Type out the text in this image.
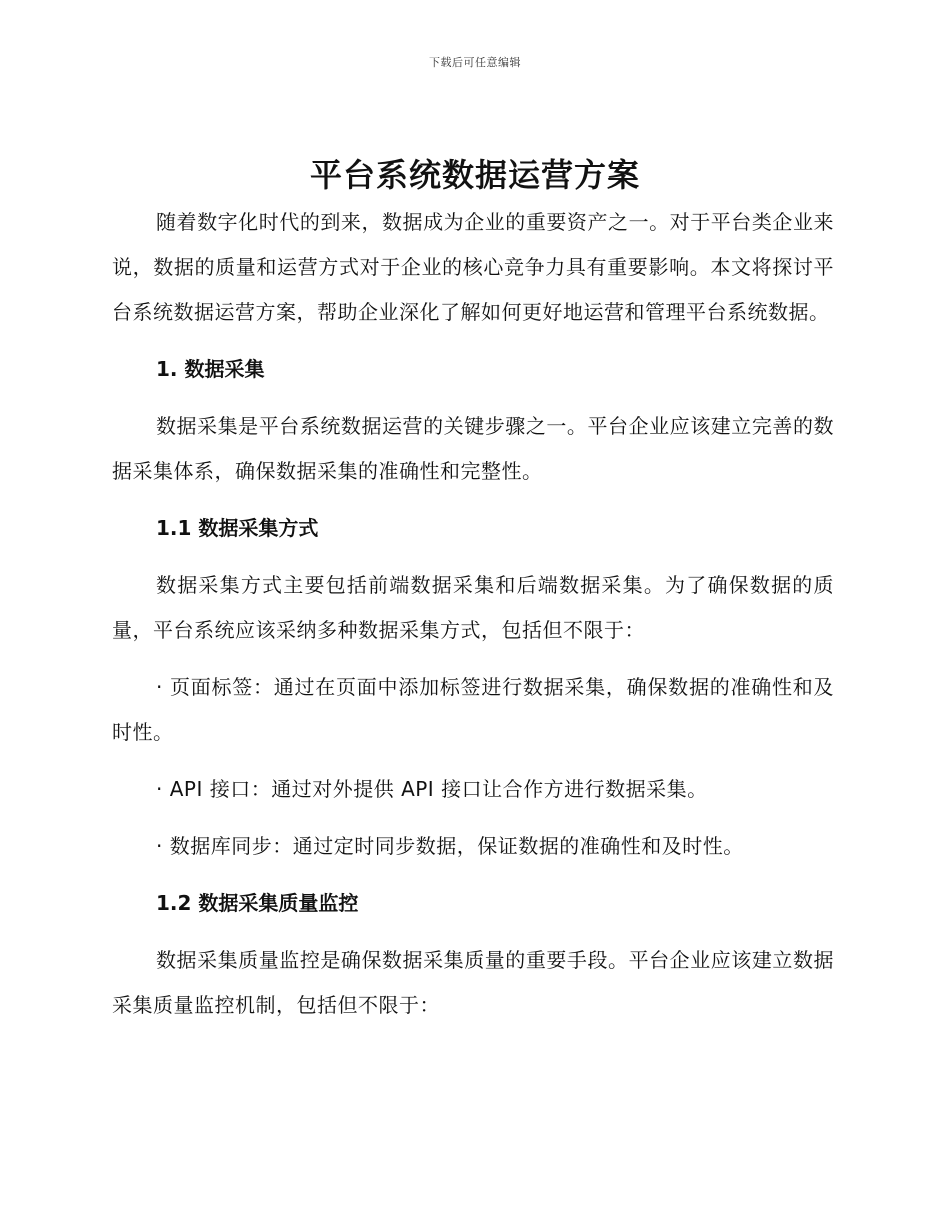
下载后可任意编辑
平台系统数据运营方案

随着数字化时代的到来，数据成为企业的重要资产之一。对于平台类企业来说，数据的质量和运营方式对于企业的核心竞争力具有重要影响。本文将探讨平台系统数据运营方案，帮助企业深化了解如何更好地运营和管理平台系统数据。

1. 数据采集

数据采集是平台系统数据运营的关键步骤之一。平台企业应该建立完善的数据采集体系，确保数据采集的准确性和完整性。

1.1 数据采集方式

数据采集方式主要包括前端数据采集和后端数据采集。为了确保数据的质量，平台系统应该采纳多种数据采集方式，包括但不限于：

· 页面标签：通过在页面中添加标签进行数据采集，确保数据的准确性和及时性。

· API 接口：通过对外提供 API 接口让合作方进行数据采集。

· 数据库同步：通过定时同步数据，保证数据的准确性和及时性。

1.2 数据采集质量监控

数据采集质量监控是确保数据采集质量的重要手段。平台企业应该建立数据采集质量监控机制，包括但不限于：
